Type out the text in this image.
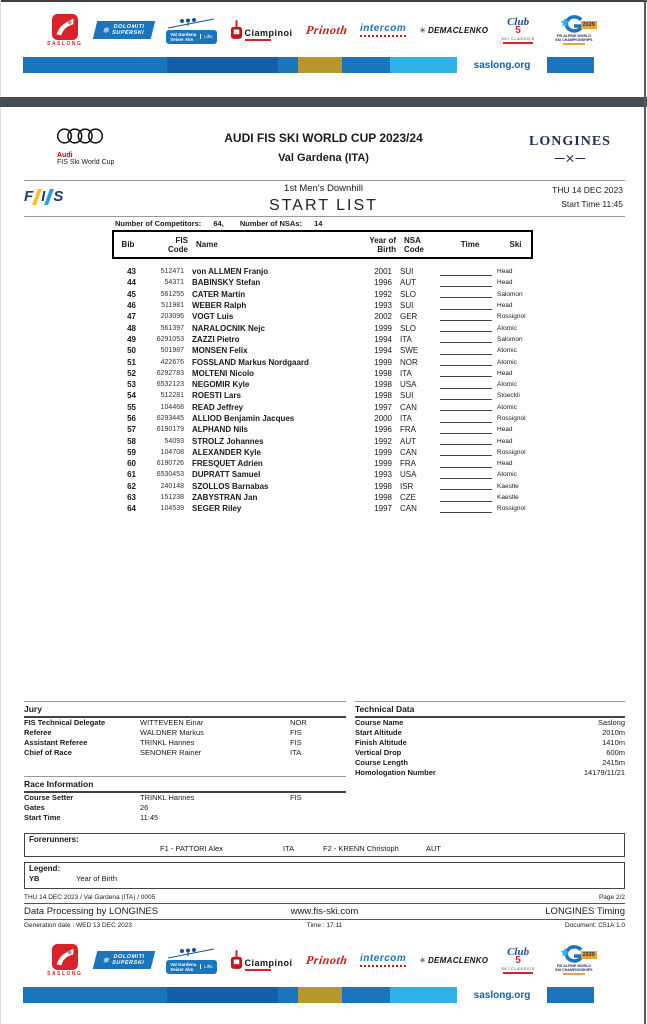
SASLONG
❄ DOLOMITI
SUPERSKI	Val Gardena
Seiser Alm	Lifts	Ciampinoi Prinoth intercom ✳ DEMACLENKO
Club
5
SKI CLASSICS
2029
FIS ALPINE WORLD
SKI CHAMPIONSHIPS
saslong.org
Audi
FIS Ski World Cup
AUDI FIS SKI WORLD CUP 2023/24
Val Gardena (ITA)
LONGINES
F I S	1st Men's Downhill
START LIST
THU 14 DEC 2023
Start Time 11:45
Number of Competitors: 64, Number of NSAs: 14
Bib	FIS
Code	Name	Year of
Birth
NSA
Code	Time	Ski
43	512471	von ALLMEN Franjo	2001	SUI	Head
44	54371	BABINSKY Stefan	1996	AUT	Head
45	561255	CATER Martin	1992	SLO	Salomon
46	511981	WEBER Ralph	1993	SUI	Head
47	203096	VOGT Luis	2002	GER	Rossignol
48	561397	NARALOCNIK Nejc	1999	SLO	Atomic
49	6291053	ZAZZI Pietro	1994	ITA	Salomon
50	501987	MONSEN Felix	1994	SWE	Atomic
51	422676	FOSSLAND Markus Nordgaard	1999	NOR	Atomic
52	6292783	MOLTENI Nicolo	1998	ITA	Head
53	6532123	NEGOMIR Kyle	1998	USA	Atomic
54	512281	ROESTI Lars	1998	SUI	Stoeckli
55	104468	READ Jeffrey	1997	CAN	Atomic
56	6293445	ALLIOD Benjamin Jacques	2000	ITA	Rossignol
57	6190179	ALPHAND Nils	1996	FRA	Head
58	54093	STROLZ Johannes	1992	AUT	Head
59	104708	ALEXANDER Kyle	1999	CAN	Rossignol
60	6190726	FRESQUET Adrien	1999	FRA	Head
61	6530453	DUPRATT Samuel	1993	USA	Atomic
62	240148	SZOLLOS Barnabas	1998	ISR	Kaestle
63	151238	ZABYSTRAN Jan	1998	CZE	Kaestle
64	104539	SEGER Riley	1997	CAN	Rossignol
Jury
FIS Technical Delegate	WITTEVEEN Einar	NOR
Referee	WALDNER Markus	FIS
Assistant Referee	TRINKL Hannes	FIS
Chief of Race	SENONER Rainer	ITA
Technical Data
Course Name	Saslong
Start Altitude	2010m
Finish Altitude	1410m
Vertical Drop	600m
Course Length	2415m
Homologation Number	14179/11/21
Race Information
Course Setter	TRINKL Hannes	FIS
Gates	26
Start Time	11:45
Forerunners:
F1 - PATTORI Alex	ITA	F2 - KRENN Christoph	AUT
Legend:
YB	Year of Birth
THU 14 DEC 2023 / Val Gardena (ITA) / 0005	Page 2/2
Data Processing by LONGINES	www.fis-ski.com	LONGINES Timing
Generation date : WED 13 DEC 2023	Time : 17:11	Document: C51A 1.0
SASLONG
❄ DOLOMITI
SUPERSKI	Val Gardena
Seiser Alm	Lifts	Ciampinoi Prinoth intercom ✳ DEMACLENKO
Club
5
SKI CLASSICS
2029
FIS ALPINE WORLD
SKI CHAMPIONSHIPS
saslong.org
